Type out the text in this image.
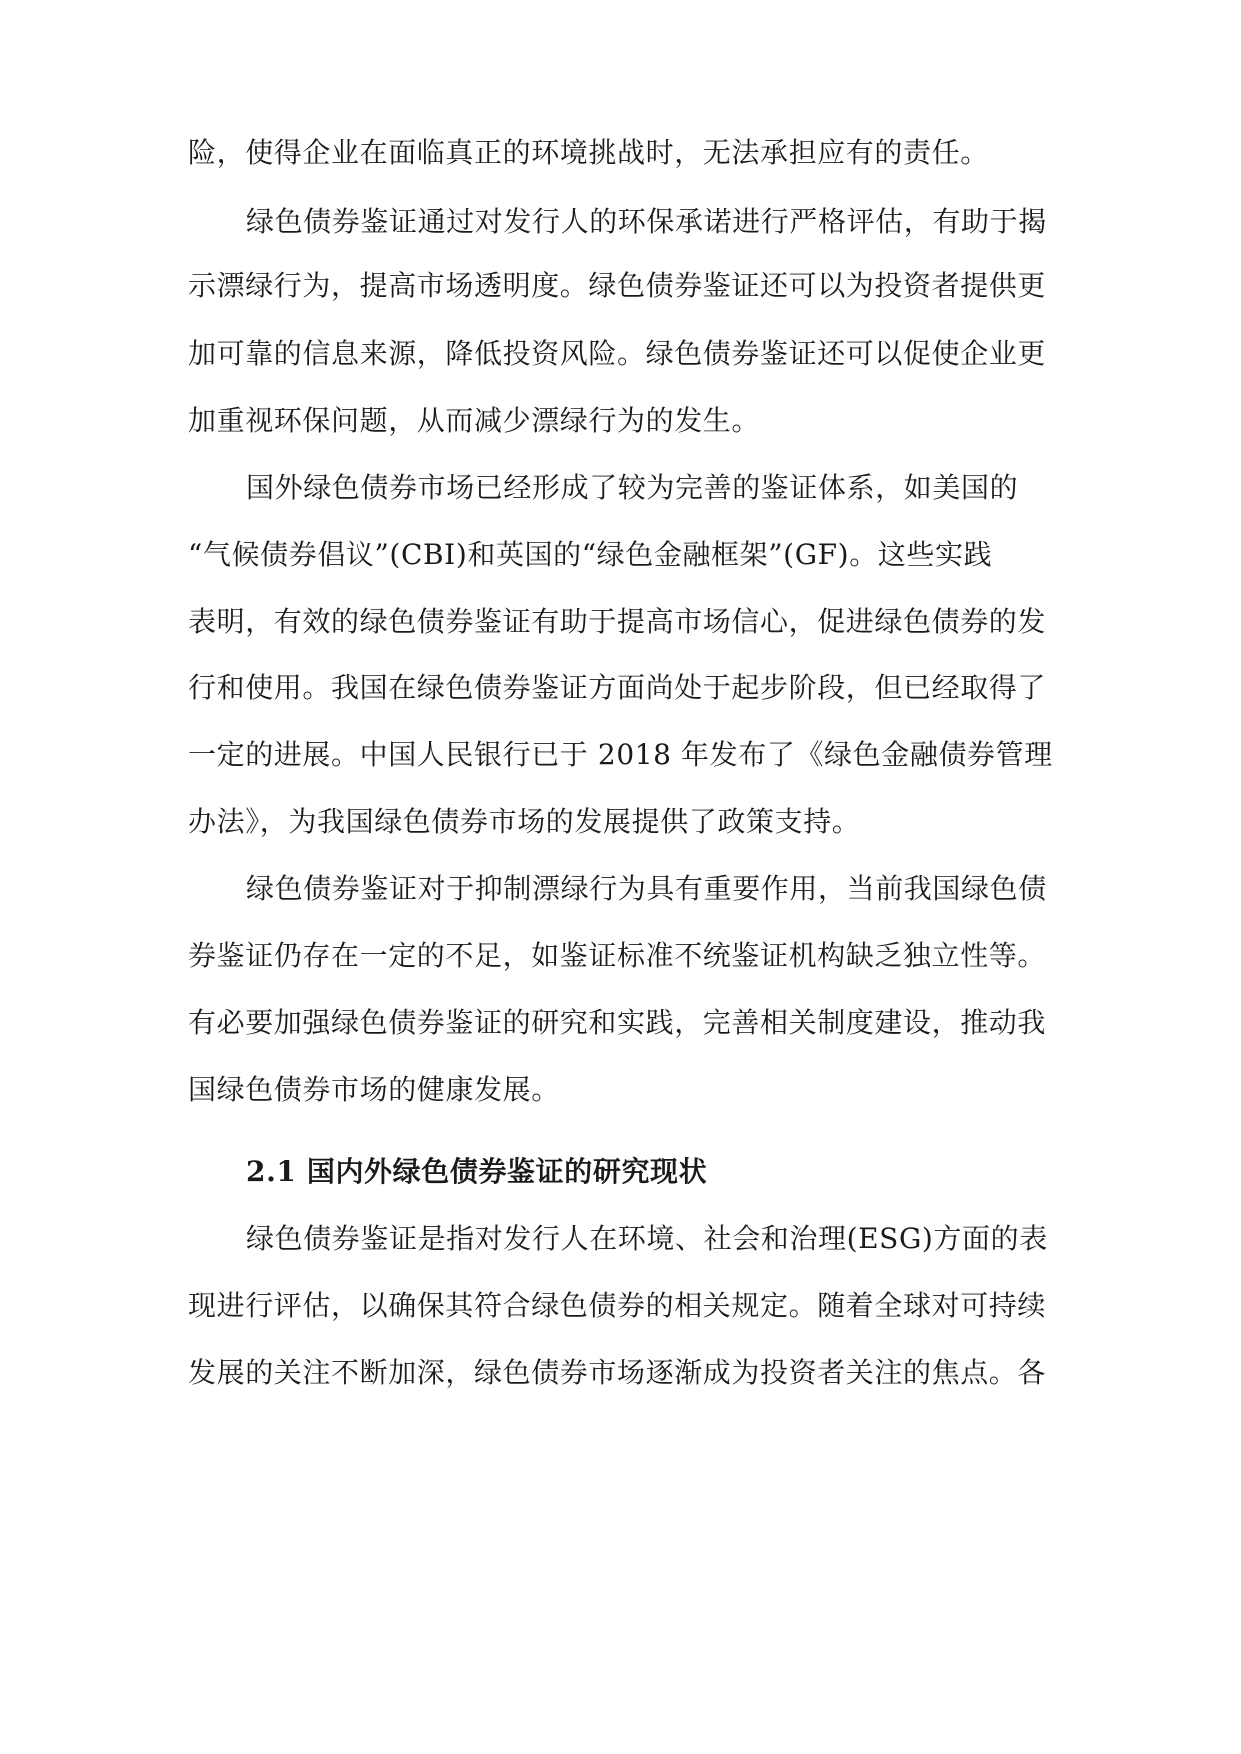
险，使得企业在面临真正的环境挑战时，无法承担应有的责任。
绿色债券鉴证通过对发行人的环保承诺进行严格评估，有助于揭
示漂绿行为，提高市场透明度。绿色债券鉴证还可以为投资者提供更
加可靠的信息来源，降低投资风险。绿色债券鉴证还可以促使企业更
加重视环保问题，从而减少漂绿行为的发生。
国外绿色债券市场已经形成了较为完善的鉴证体系，如美国的
“气候债券倡议”(CBI)和英国的“绿色金融框架”(GF)。这些实践
表明，有效的绿色债券鉴证有助于提高市场信心，促进绿色债券的发
行和使用。我国在绿色债券鉴证方面尚处于起步阶段，但已经取得了
一定的进展。中国人民银行已于 2018 年发布了《绿色金融债券管理
办法》，为我国绿色债券市场的发展提供了政策支持。
绿色债券鉴证对于抑制漂绿行为具有重要作用，当前我国绿色债
券鉴证仍存在一定的不足，如鉴证标准不统鉴证机构缺乏独立性等。
有必要加强绿色债券鉴证的研究和实践，完善相关制度建设，推动我
国绿色债券市场的健康发展。
2.1 国内外绿色债券鉴证的研究现状
绿色债券鉴证是指对发行人在环境、社会和治理(ESG)方面的表
现进行评估，以确保其符合绿色债券的相关规定。随着全球对可持续
发展的关注不断加深，绿色债券市场逐渐成为投资者关注的焦点。各
